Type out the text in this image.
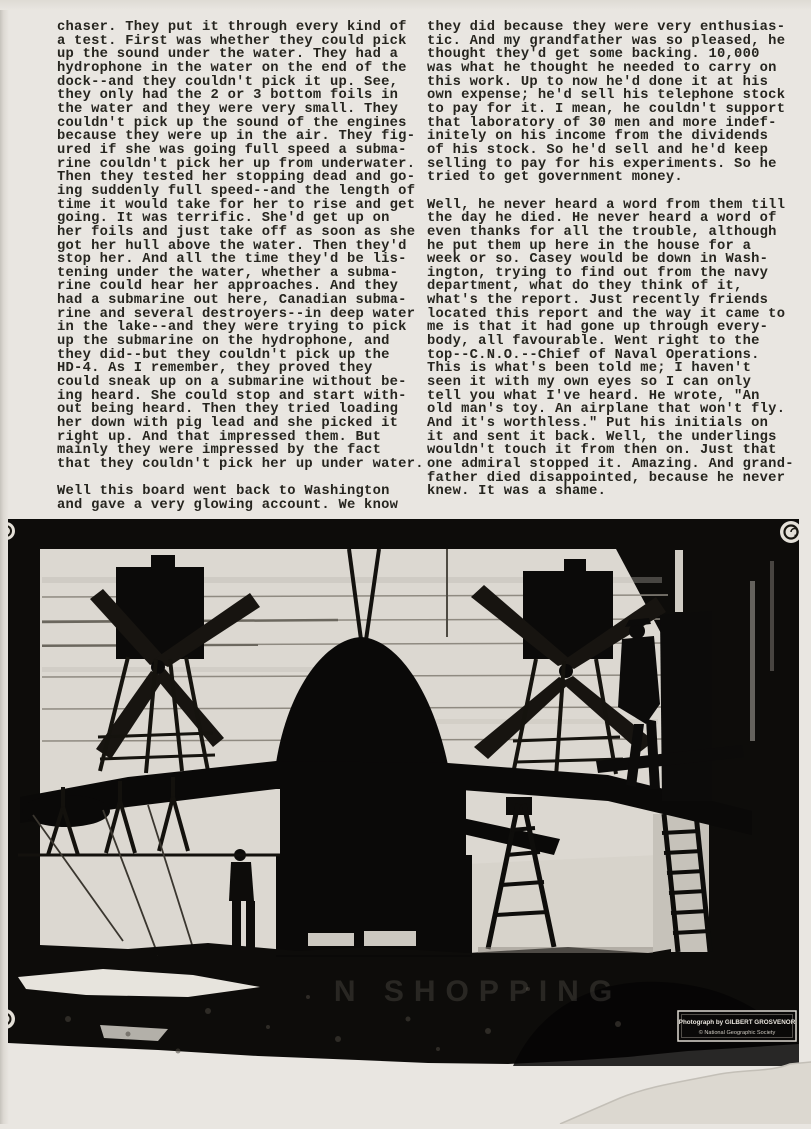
chaser. They put it through every kind of
a test. First was whether they could pick
up the sound under the water. They had a
hydrophone in the water on the end of the
dock--and they couldn't pick it up. See,
they only had the 2 or 3 bottom foils in
the water and they were very small. They
couldn't pick up the sound of the engines
because they were up in the air. They fig-
ured if she was going full speed a subma-
rine couldn't pick her up from underwater.
Then they tested her stopping dead and go-
ing suddenly full speed--and the length of
time it would take for her to rise and get
going. It was terrific. She'd get up on
her foils and just take off as soon as she
got her hull above the water. Then they'd
stop her. And all the time they'd be lis-
tening under the water, whether a subma-
rine could hear her approaches. And they
had a submarine out here, Canadian subma-
rine and several destroyers--in deep water
in the lake--and they were trying to pick
up the submarine on the hydrophone, and
they did--but they couldn't pick up the
HD-4. As I remember, they proved they
could sneak up on a submarine without be-
ing heard. She could stop and start with-
out being heard. Then they tried loading
her down with pig lead and she picked it
right up. And that impressed them. But
mainly they were impressed by the fact
that they couldn't pick her up under water.

Well this board went back to Washington
and gave a very glowing account. We know
they did because they were very enthusias-
tic. And my grandfather was so pleased, he
thought they'd get some backing. 10,000
was what he thought he needed to carry on
this work. Up to now he'd done it at his
own expense; he'd sell his telephone stock
to pay for it. I mean, he couldn't support
that laboratory of 30 men and more indef-
initely on his income from the dividends
of his stock. So he'd sell and he'd keep
selling to pay for his experiments. So he
tried to get government money.

Well, he never heard a word from them till
the day he died. He never heard a word of
even thanks for all the trouble, although
he put them up here in the house for a
week or so. Casey would be down in Wash-
ington, trying to find out from the navy
department, what do they think of it,
what's the report. Just recently friends
located this report and the way it came to
me is that it had gone up through every-
body, all favourable. Went right to the
top--C.N.O.--Chief of Naval Operations.
This is what's been told me; I haven't
seen it with my own eyes so I can only
tell you what I've heard. He wrote, "An
old man's toy. An airplane that won't fly.
And it's worthless." Put his initials on
it and sent it back. Well, the underlings
wouldn't touch it from then on. Just that
one admiral stopped it. Amazing. And grand-
father died disappointed, because he never
knew. It was a shame.
N SHOPPING
Photograph by GILBERT GROSVENOR
© National Geographic Society
